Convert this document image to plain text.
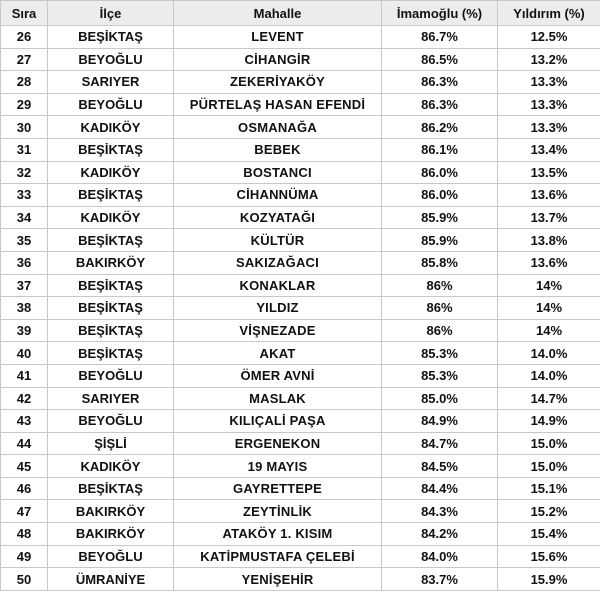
Sıra	İlçe	Mahalle	İmamoğlu (%)	Yıldırım (%)
26	BEŞİKTAŞ	LEVENT	86.7%	12.5%
27	BEYOĞLU	CİHANGİR	86.5%	13.2%
28	SARIYER	ZEKERİYAKÖY	86.3%	13.3%
29	BEYOĞLU	PÜRTELAŞ HASAN EFENDİ	86.3%	13.3%
30	KADIKÖY	OSMANAĞA	86.2%	13.3%
31	BEŞİKTAŞ	BEBEK	86.1%	13.4%
32	KADIKÖY	BOSTANCI	86.0%	13.5%
33	BEŞİKTAŞ	CİHANNÜMA	86.0%	13.6%
34	KADIKÖY	KOZYATAĞI	85.9%	13.7%
35	BEŞİKTAŞ	KÜLTÜR	85.9%	13.8%
36	BAKIRKÖY	SAKIZAĞACI	85.8%	13.6%
37	BEŞİKTAŞ	KONAKLAR	86%	14%
38	BEŞİKTAŞ	YILDIZ	86%	14%
39	BEŞİKTAŞ	VİŞNEZADE	86%	14%
40	BEŞİKTAŞ	AKAT	85.3%	14.0%
41	BEYOĞLU	ÖMER AVNİ	85.3%	14.0%
42	SARIYER	MASLAK	85.0%	14.7%
43	BEYOĞLU	KILIÇALİ PAŞA	84.9%	14.9%
44	ŞİŞLİ	ERGENEKON	84.7%	15.0%
45	KADIKÖY	19 MAYIS	84.5%	15.0%
46	BEŞİKTAŞ	GAYRETTEPE	84.4%	15.1%
47	BAKIRKÖY	ZEYTİNLİK	84.3%	15.2%
48	BAKIRKÖY	ATAKÖY 1. KISIM	84.2%	15.4%
49	BEYOĞLU	KATİPMUSTAFA ÇELEBİ	84.0%	15.6%
50	ÜMRANİYE	YENİŞEHİR	83.7%	15.9%
